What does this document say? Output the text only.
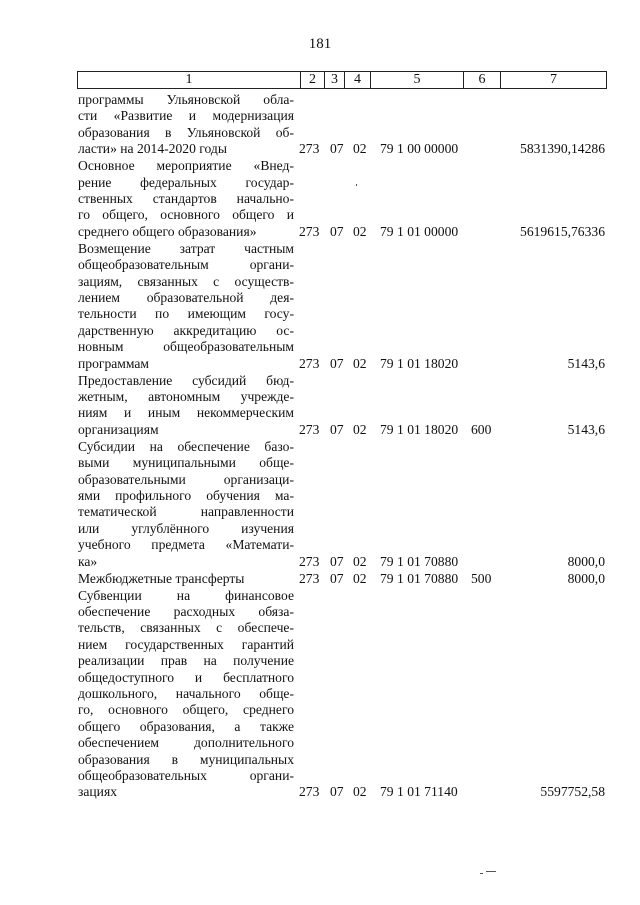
181
1	2	3	4	5	6	7
программы Ульяновской обла-
сти «Развитие и модернизация
образования в Ульяновской об-
ласти» на 2014-2020 годы	273 07 02 79 1 00 00000	5831390,14286
Основное мероприятие «Внед-
рение федеральных государ-
ственных стандартов начально-
го общего, основного общего и
среднего общего образования»	273 07 02 79 1 01 00000	5619615,76336
Возмещение затрат частным
общеобразовательным органи-
зациям, связанных с осуществ-
лением образовательной дея-
тельности по имеющим госу-
дарственную аккредитацию ос-
новным общеобразовательным
программам	273 07 02 79 1 01 18020	5143,6
Предоставление субсидий бюд-
жетным, автономным учрежде-
ниям и иным некоммерческим
организациям	273 07 02 79 1 01 18020 600	5143,6
Субсидии на обеспечение базо-
выми муниципальными обще-
образовательными организаци-
ями профильного обучения ма-
тематической направленности
или углублённого изучения
учебного предмета «Математи-
ка»	273 07 02 79 1 01 70880	8000,0
Межбюджетные трансферты	273 07 02 79 1 01 70880 500	8000,0
Субвенции на финансовое
обеспечение расходных обяза-
тельств, связанных с обеспече-
нием государственных гарантий
реализации прав на получение
общедоступного и бесплатного
дошкольного, начального обще-
го, основного общего, среднего
общего образования, а также
обеспечением дополнительного
образования в муниципальных
общеобразовательных органи-
зациях	273 07 02 79 1 01 71140	5597752,58
